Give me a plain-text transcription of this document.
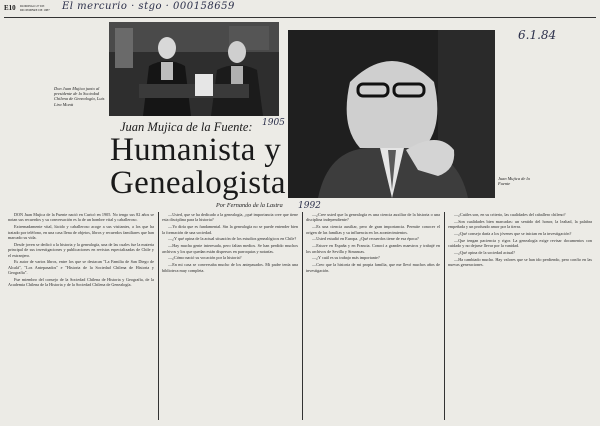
E10 DOMINGO 27 DE DICIEMBRE DE 1987 El mercurio · stgo · 000158659
6.1.84
Don Juan Mujica junto al presidente de la Sociedad Chilena de Genealogía, Luis Lira Montt
Juan Mujica de la Fuente
Juan Mujica de la Fuente: 1905
Humanista y
Genealogista
Por Fernando de la Lastra 1992

DON Juan Mujica de la Fuente nació en Curicó en 1905. No tengo sus 82 años se notan sus recuerdos y su conversación es la de un hombre vital y caballeroso.

Extremadamente vital, lúcido y caballeroso acoge a sus visitantes, a los que ha tratado por teléfono, en una casa llena de objetos, libros y recuerdos familiares que han marcado su vida.

Desde joven se dedicó a la historia y la genealogía, una de las cuales fue la materia principal de sus investigaciones y publicaciones en revistas especializadas de Chile y el extranjero.

Es autor de varios libros, entre los que se destacan "La Familia de San Diego de Alcalá", "Los Antepasados" e "Historia de la Sociedad Chilena de Historia y Geografía".

Fue miembro del consejo de la Sociedad Chilena de Historia y Geografía, de la Academia Chilena de la Historia y de la Sociedad Chilena de Genealogía.

—Usted, que se ha dedicado a la genealogía, ¿qué importancia cree que tiene esta disciplina para la historia?

—Yo diría que es fundamental. Sin la genealogía no se puede entender bien la formación de una sociedad.

—¿Y qué opina de la actual situación de los estudios genealógicos en Chile?

—Hay mucha gente interesada, pero faltan medios. Se han perdido muchos archivos y los que quedan están dispersos en parroquias y notarías.

—¿Cómo nació su vocación por la historia?

—En mi casa se conversaba mucho de los antepasados. Mi padre tenía una biblioteca muy completa.

—¿Cree usted que la genealogía es una ciencia auxiliar de la historia o una disciplina independiente?

—Es una ciencia auxiliar, pero de gran importancia. Permite conocer el origen de las familias y su influencia en los acontecimientos.

—Usted estudió en Europa. ¿Qué recuerdos tiene de esa época?

—Estuve en España y en Francia. Conocí a grandes maestros y trabajé en los archivos de Sevilla y Simancas.

—¿Y cuál es su trabajo más importante?

—Creo que la historia de mi propia familia, que me llevó muchos años de investigación.

—¿Cuáles son, en su criterio, las cualidades del caballero chileno?

—Son cualidades bien marcadas: un sentido del honor, la lealtad, la palabra empeñada y un profundo amor por la tierra.

—¿Qué consejo daría a los jóvenes que se inician en la investigación?

—Que tengan paciencia y rigor. La genealogía exige revisar documentos con cuidado y no dejarse llevar por la vanidad.

—¿Qué opina de la sociedad actual?

—Ha cambiado mucho. Hay valores que se han ido perdiendo, pero confío en las nuevas generaciones.
